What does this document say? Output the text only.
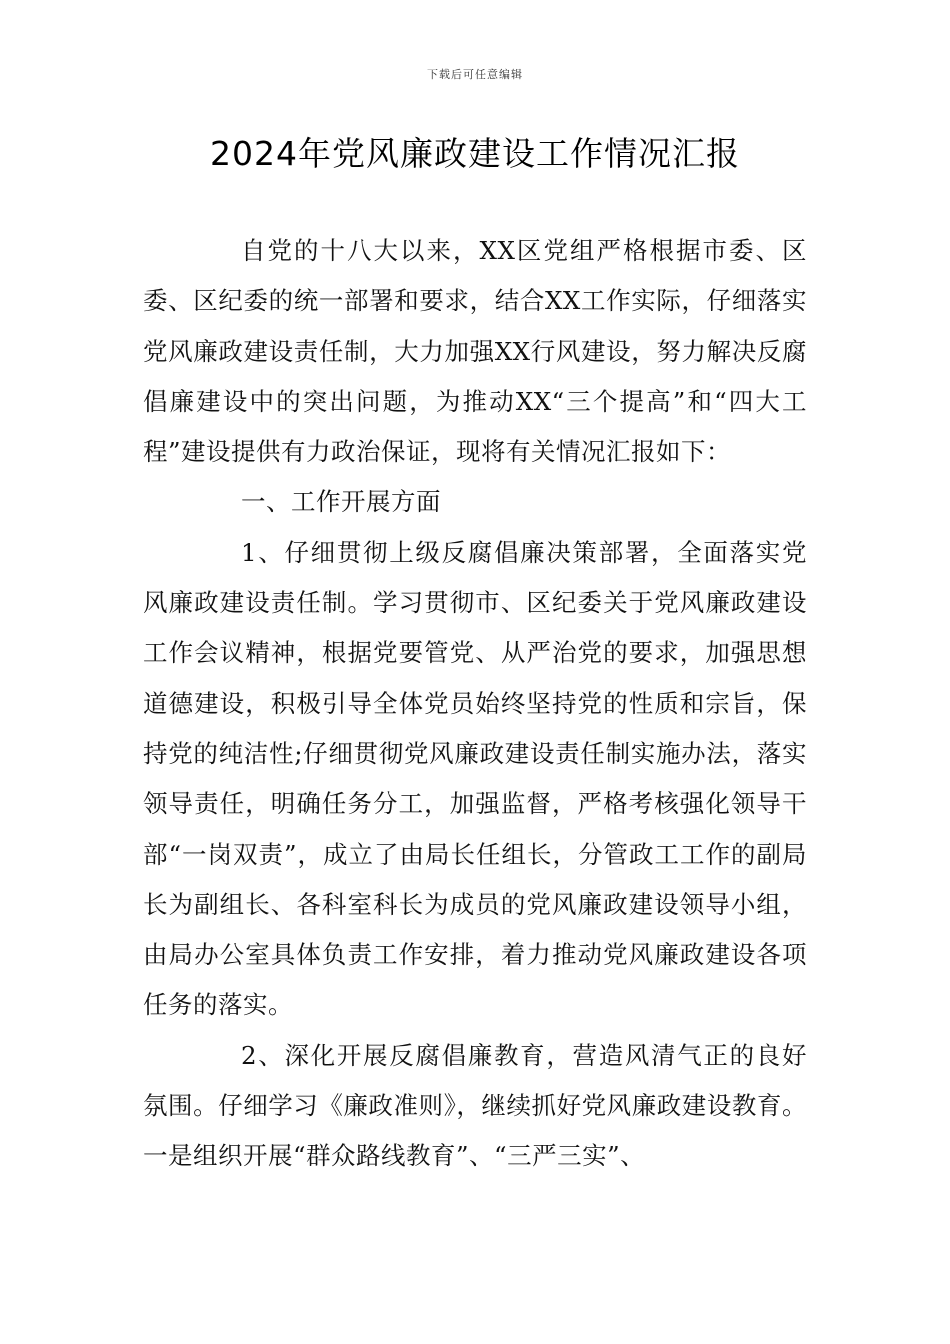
下载后可任意编辑
2024年党风廉政建设工作情况汇报

自党的十八大以来，XX区党组严格根据市委、区委、区纪委的统一部署和要求，结合XX工作实际，仔细落实党风廉政建设责任制，大力加强XX行风建设，努力解决反腐倡廉建设中的突出问题，为推动XX“三个提高”和“四大工程”建设提供有力政治保证，现将有关情况汇报如下：

一、工作开展方面

1、仔细贯彻上级反腐倡廉决策部署，全面落实党风廉政建设责任制。学习贯彻市、区纪委关于党风廉政建设工作会议精神，根据党要管党、从严治党的要求，加强思想道德建设，积极引导全体党员始终坚持党的性质和宗旨，保持党的纯洁性;仔细贯彻党风廉政建设责任制实施办法，落实领导责任，明确任务分工，加强监督，严格考核强化领导干部“一岗双责”，成立了由局长任组长，分管政工工作的副局长为副组长、各科室科长为成员的党风廉政建设领导小组，由局办公室具体负责工作安排，着力推动党风廉政建设各项任务的落实。

2、深化开展反腐倡廉教育，营造风清气正的良好氛围。仔细学习《廉政准则》，继续抓好党风廉政建设教育。一是组织开展“群众路线教育”、“三严三实”、
